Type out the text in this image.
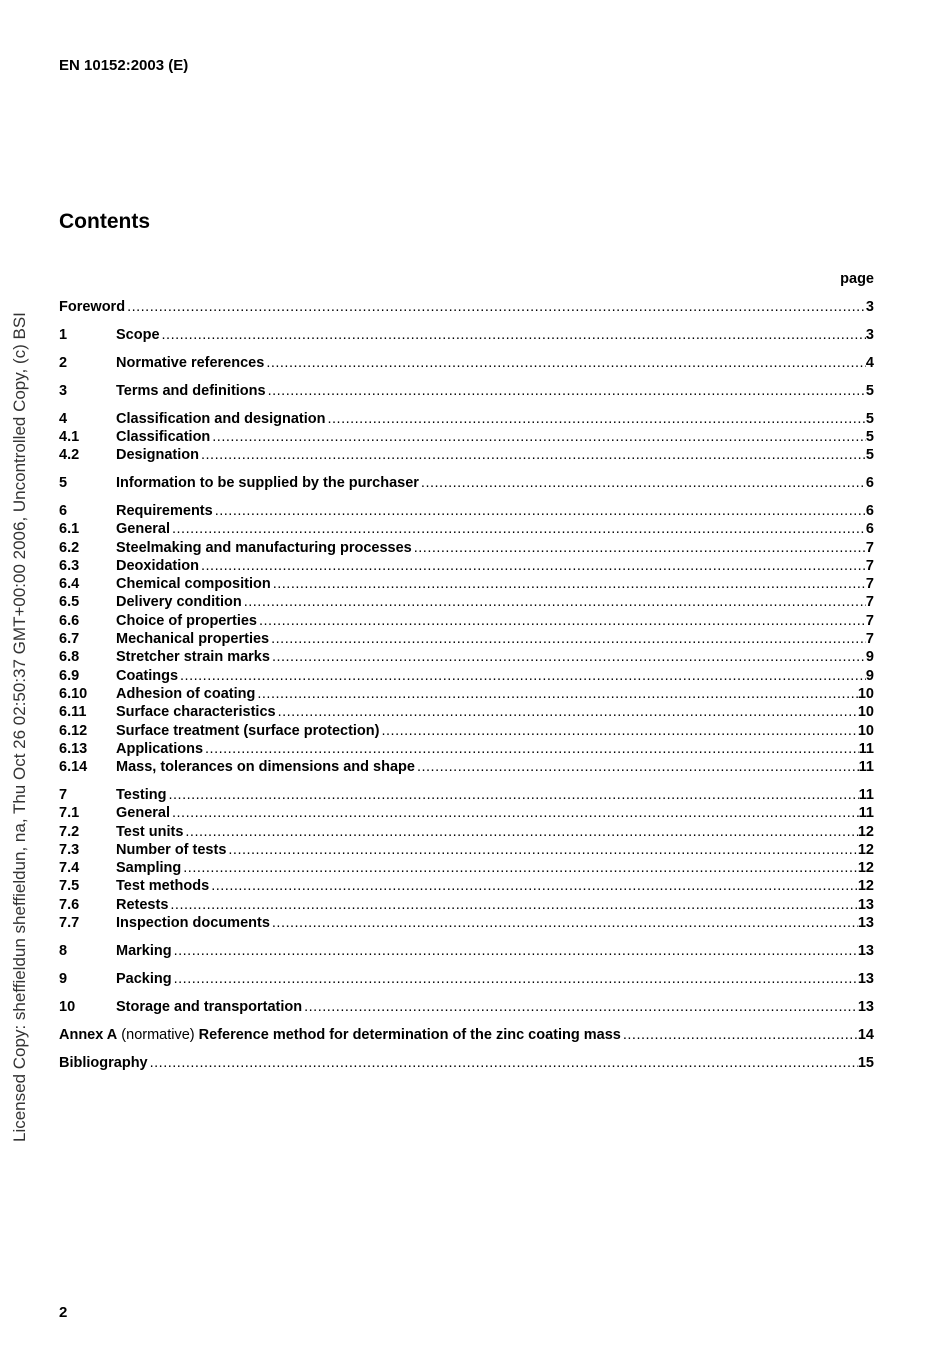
EN 10152:2003 (E)
Licensed Copy: sheffieldun sheffieldun, na, Thu Oct 26 02:50:37 GMT+00:00 2006, Uncontrolled Copy, (c) BSI
Contents
page
Foreword .....	3
1	Scope .....	3
2	Normative references .....	4
3	Terms and definitions .....	5
4	Classification and designation .....	5
4.1	Classification .....	5
4.2	Designation .....	5
5	Information to be supplied by the purchaser .....	6
6	Requirements .....	6
6.1	General .....	6
6.2	Steelmaking and manufacturing processes .....	7
6.3	Deoxidation .....	7
6.4	Chemical composition .....	7
6.5	Delivery condition .....	7
6.6	Choice of properties .....	7
6.7	Mechanical properties .....	7
6.8	Stretcher strain marks .....	9
6.9	Coatings .....	9
6.10	Adhesion of coating .....	10
6.11	Surface characteristics .....	10
6.12	Surface treatment (surface protection) .....	10
6.13	Applications .....	11
6.14	Mass, tolerances on dimensions and shape .....	11
7	Testing .....	11
7.1	General .....	11
7.2	Test units .....	12
7.3	Number of tests .....	12
7.4	Sampling .....	12
7.5	Test methods .....	12
7.6	Retests .....	13
7.7	Inspection documents .....	13
8	Marking .....	13
9	Packing .....	13
10	Storage and transportation .....	13
Annex A (normative) Reference method for determination of the zinc coating mass .....	14
Bibliography .....	15
2
